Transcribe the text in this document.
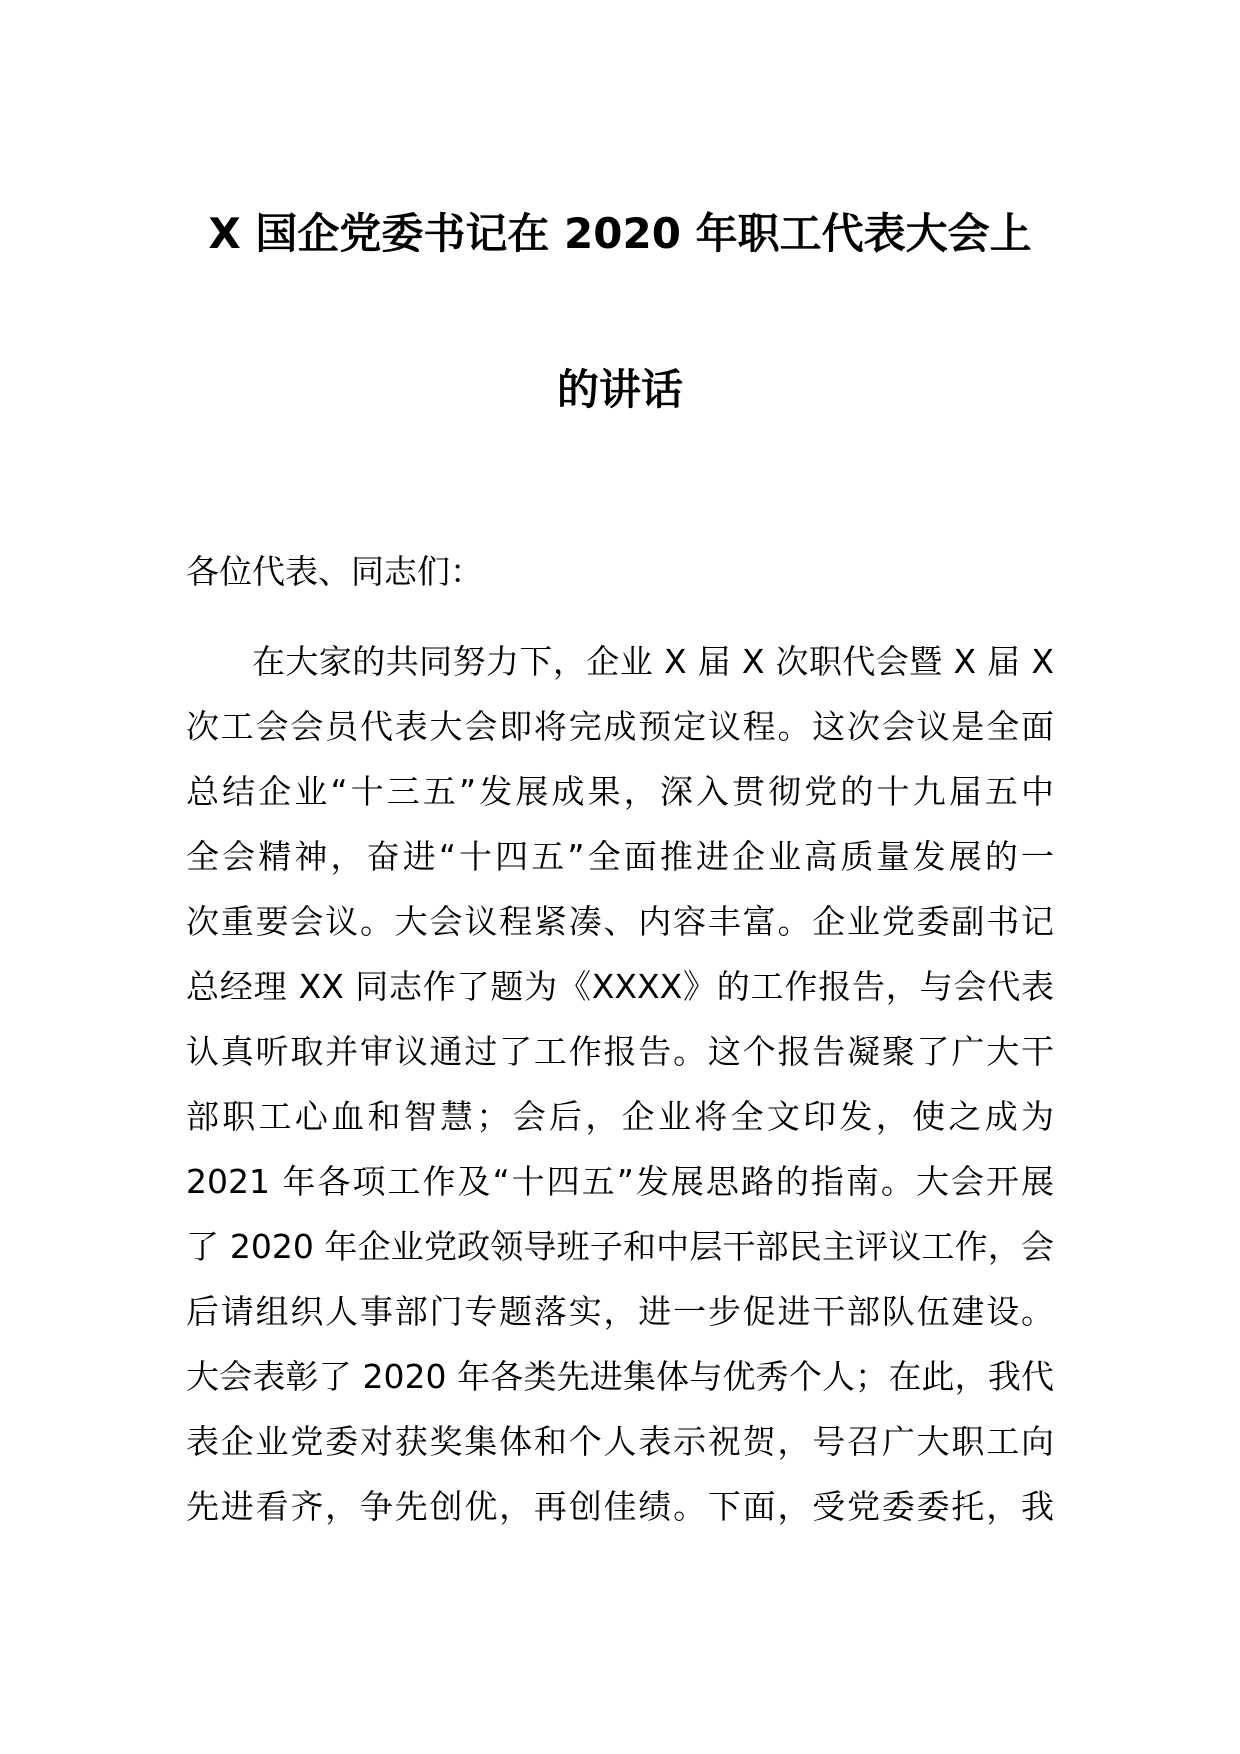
X 国企党委书记在 2020 年职工代表大会上
的讲话
各位代表、同志们：
在大家的共同努力下，企业 X 届 X 次职代会暨 X 届 X
次工会会员代表大会即将完成预定议程。这次会议是全面
总结企业“十三五”发展成果，深入贯彻党的十九届五中
全会精神，奋进“十四五”全面推进企业高质量发展的一
次重要会议。大会议程紧凑、内容丰富。企业党委副书记
总经理 XX 同志作了题为《XXXX》的工作报告，与会代表
认真听取并审议通过了工作报告。这个报告凝聚了广大干
部职工心血和智慧；会后，企业将全文印发，使之成为
2021 年各项工作及“十四五”发展思路的指南。大会开展
了 2020 年企业党政领导班子和中层干部民主评议工作，会
后请组织人事部门专题落实，进一步促进干部队伍建设。
大会表彰了 2020 年各类先进集体与优秀个人；在此，我代
表企业党委对获奖集体和个人表示祝贺，号召广大职工向
先进看齐，争先创优，再创佳绩。下面，受党委委托，我
